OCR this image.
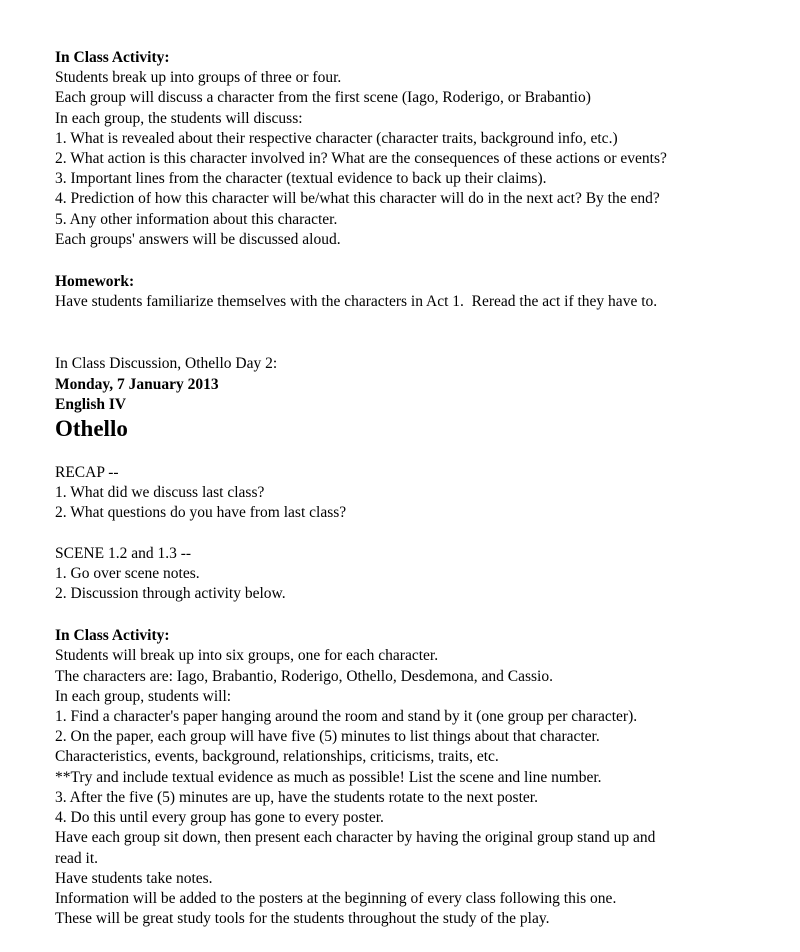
In Class Activity:
Students break up into groups of three or four.
Each group will discuss a character from the first scene (Iago, Roderigo, or Brabantio)
In each group, the students will discuss:
1. What is revealed about their respective character (character traits, background info, etc.)
2. What action is this character involved in? What are the consequences of these actions or events?
3. Important lines from the character (textual evidence to back up their claims).
4. Prediction of how this character will be/what this character will do in the next act? By the end?
5. Any other information about this character.
Each groups' answers will be discussed aloud.
Homework:
Have students familiarize themselves with the characters in Act 1.  Reread the act if they have to.
In Class Discussion, Othello Day 2:
Monday, 7 January 2013
English IV
Othello
RECAP --
1. What did we discuss last class?
2. What questions do you have from last class?
SCENE 1.2 and 1.3 --
1. Go over scene notes.
2. Discussion through activity below.
In Class Activity:
Students will break up into six groups, one for each character.
The characters are: Iago, Brabantio, Roderigo, Othello, Desdemona, and Cassio.
In each group, students will:
1. Find a character's paper hanging around the room and stand by it (one group per character).
2. On the paper, each group will have five (5) minutes to list things about that character.
Characteristics, events, background, relationships, criticisms, traits, etc.
**Try and include textual evidence as much as possible! List the scene and line number.
3. After the five (5) minutes are up, have the students rotate to the next poster.
4. Do this until every group has gone to every poster.
Have each group sit down, then present each character by having the original group stand up and
read it.
Have students take notes.
Information will be added to the posters at the beginning of every class following this one.
These will be great study tools for the students throughout the study of the play.
